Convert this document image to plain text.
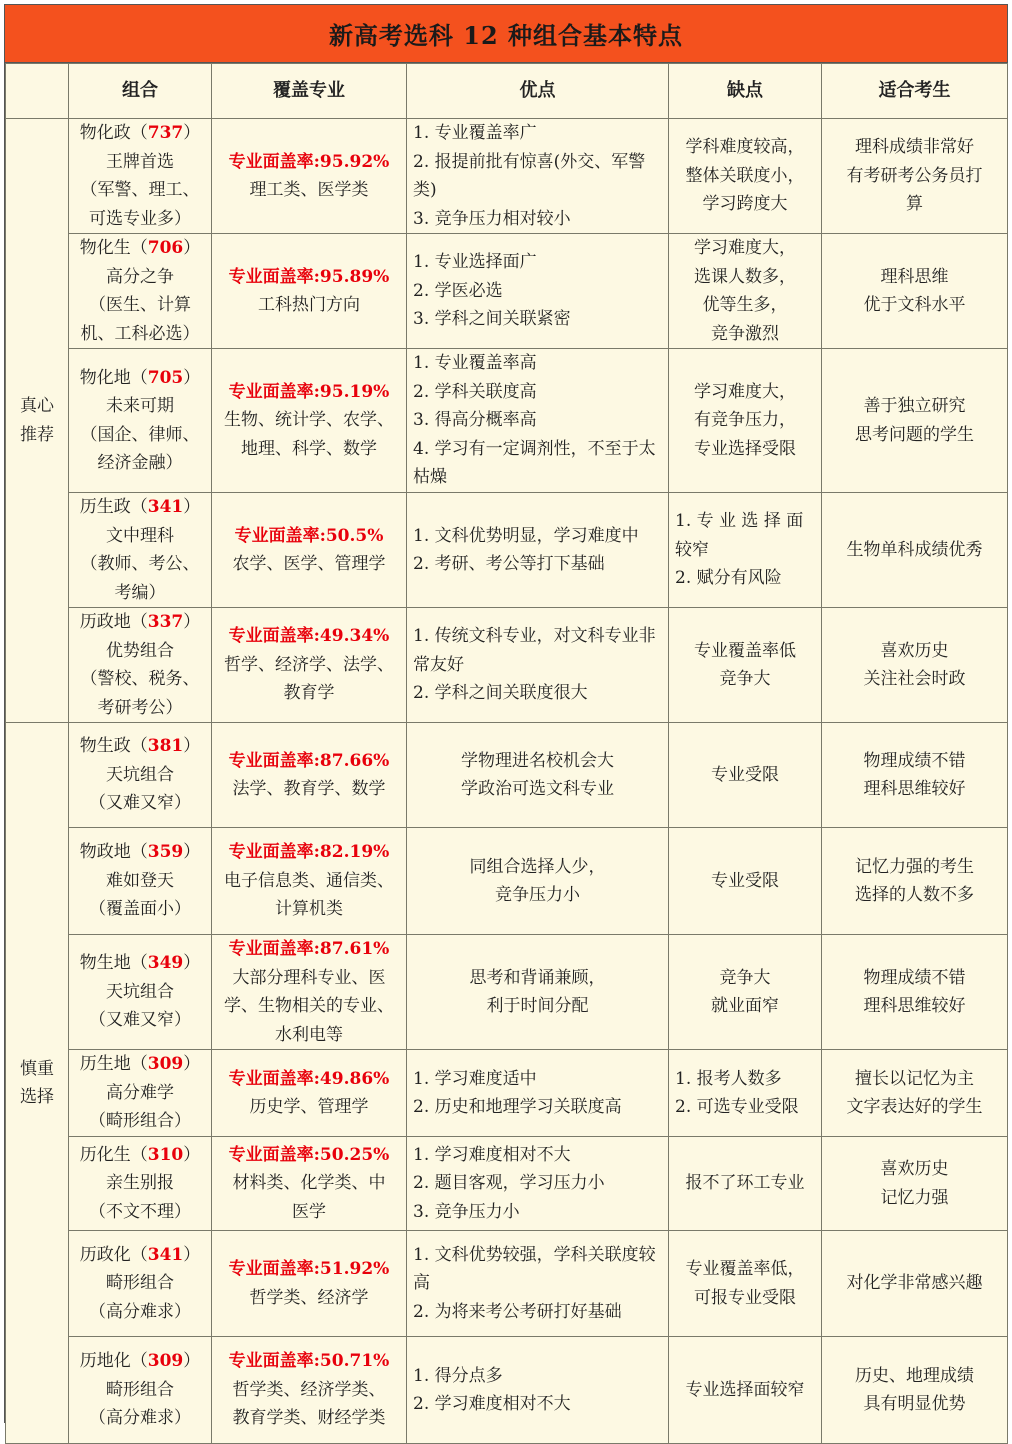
新高考选科 12 种组合基本特点
	组合	覆盖专业	优点	缺点	适合考生

真心
推荐	物化政（737）
王牌首选
（军警、理工、
可选专业多）	专业面盖率:95.92%
理工类、医学类	1. 专业覆盖率广
2. 报提前批有惊喜(外交、军警类)
3. 竞争压力相对较小	学科难度较高，
整体关联度小，
学习跨度大	理科成绩非常好
有考研考公务员打
算

	物化生（706）
高分之争
（医生、计算
机、工科必选）	专业面盖率:95.89%
工科热门方向	1. 专业选择面广
2. 学医必选
3. 学科之间关联紧密	学习难度大，
选课人数多，
优等生多，
竞争激烈	理科思维
优于文科水平

	物化地（705）
未来可期
（国企、律师、
经济金融）	专业面盖率:95.19%
生物、统计学、农学、
地理、科学、数学	1. 专业覆盖率高
2. 学科关联度高
3. 得高分概率高
4. 学习有一定调剂性，不至于太枯燥	学习难度大，
有竞争压力，
专业选择受限	善于独立研究
思考问题的学生

	历生政（341）
文中理科
（教师、考公、
考编）	专业面盖率:50.5%
农学、医学、管理学	1. 文科优势明显，学习难度中
2. 考研、考公等打下基础	1. 专 业 选 择 面 较窄
2. 赋分有风险	生物单科成绩优秀

	历政地（337）
优势组合
（警校、税务、
考研考公）	专业面盖率:49.34%
哲学、经济学、法学、
教育学	1. 传统文科专业，对文科专业非常友好
2. 学科之间关联度很大	专业覆盖率低
竞争大	喜欢历史
关注社会时政

慎重
选择	物生政（381）
天坑组合
（又难又窄）	专业面盖率:87.66%
法学、教育学、数学	学物理进名校机会大
学政治可选文科专业	专业受限	物理成绩不错
理科思维较好

	物政地（359）
难如登天
（覆盖面小）	专业面盖率:82.19%
电子信息类、通信类、
计算机类	同组合选择人少，
竞争压力小	专业受限	记忆力强的考生
选择的人数不多

	物生地（349）
天坑组合
（又难又窄）	专业面盖率:87.61%
大部分理科专业、医
学、生物相关的专业、
水利电等	思考和背诵兼顾，
利于时间分配	竞争大
就业面窄	物理成绩不错
理科思维较好

	历生地（309）
高分难学
（畸形组合）	专业面盖率:49.86%
历史学、管理学	1. 学习难度适中
2. 历史和地理学习关联度高	1. 报考人数多
2. 可选专业受限	擅长以记忆为主
文字表达好的学生

	历化生（310）
亲生别报
（不文不理）	专业面盖率:50.25%
材料类、化学类、中
医学	1. 学习难度相对不大
2. 题目客观，学习压力小
3. 竞争压力小	报不了环工专业	喜欢历史
记忆力强

	历政化（341）
畸形组合
（高分难求）	专业面盖率:51.92%
哲学类、经济学	1. 文科优势较强，学科关联度较高
2. 为将来考公考研打好基础	专业覆盖率低，
可报专业受限	对化学非常感兴趣

	历地化（309）
畸形组合
（高分难求）	专业面盖率:50.71%
哲学类、经济学类、
教育学类、财经学类	1. 得分点多
2. 学习难度相对不大	专业选择面较窄	历史、地理成绩
具有明显优势
